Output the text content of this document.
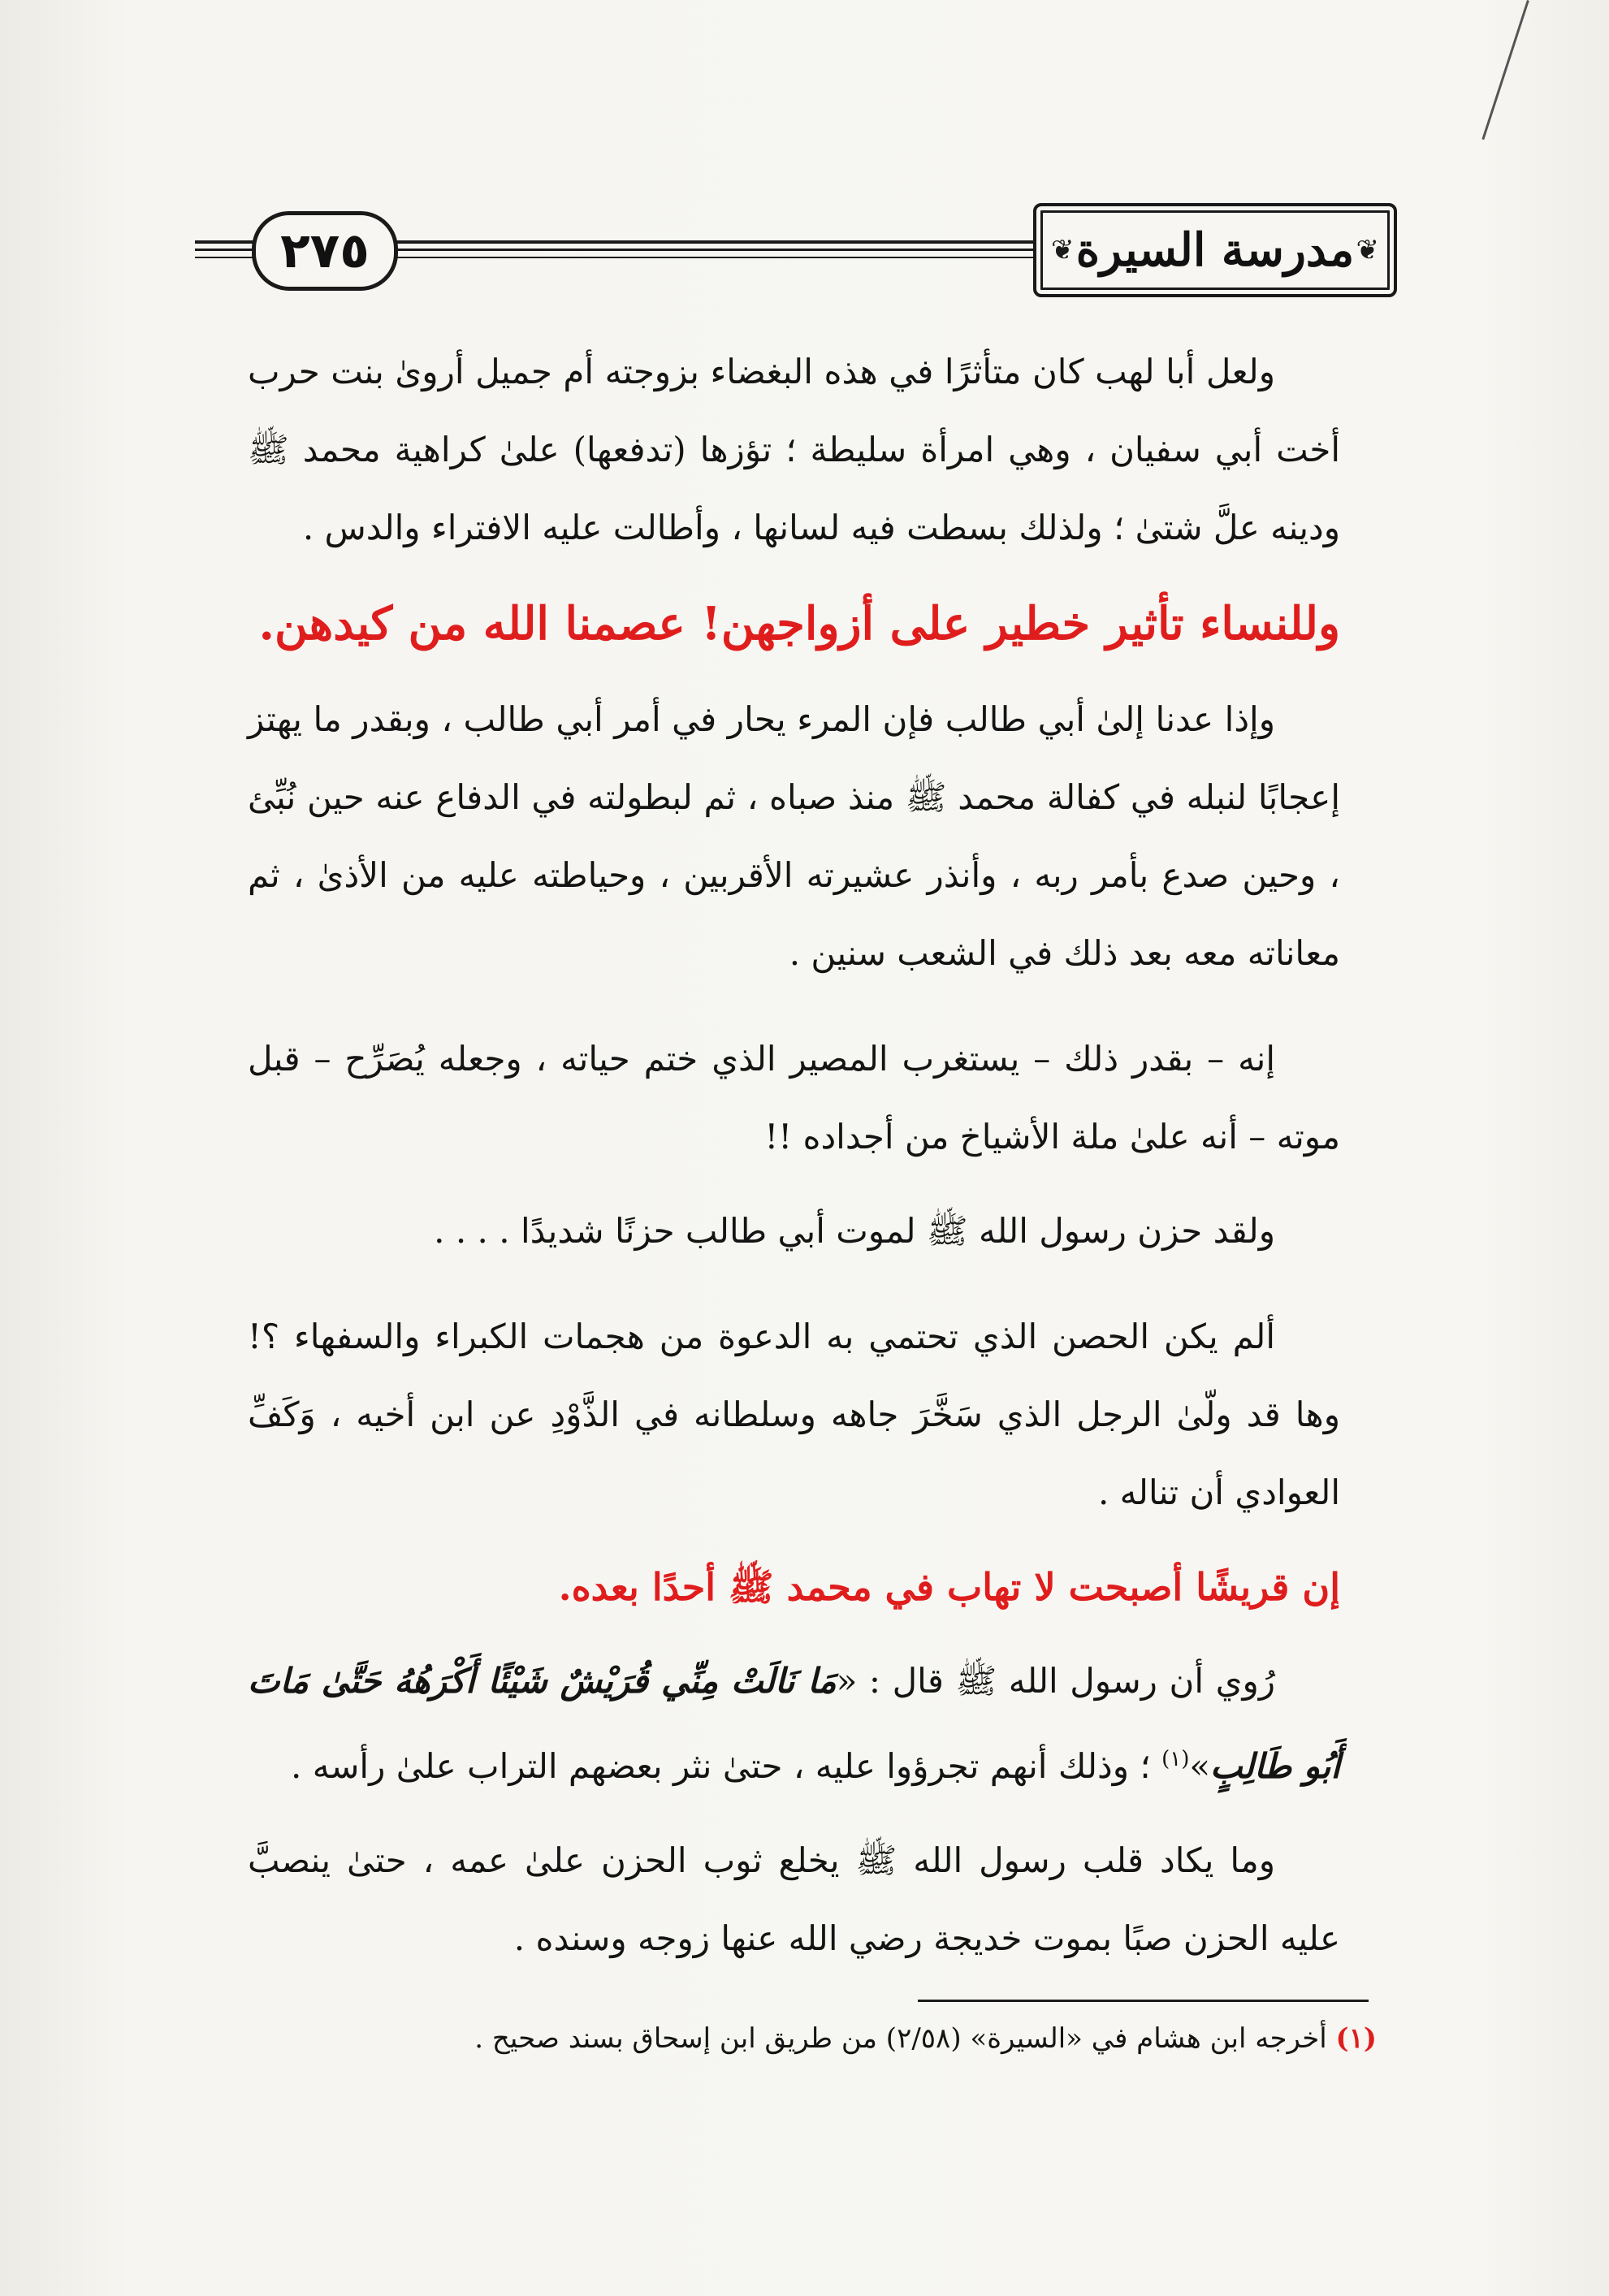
❦ مدرسة السيرة ❦
٢٧٥

ولعل أبا لهب كان متأثرًا في هذه البغضاء بزوجته أم جميل أروىٰ بنت حرب أخت أبي سفيان ، وهي امرأة سليطة ؛ تؤزها (تدفعها) علىٰ كراهية محمد ﷺ ودينه علَّ شتىٰ ؛ ولذلك بسطت فيه لسانها ، وأطالت عليه الافتراء والدس .

وللنساء تأثير خطير على أزواجهن! عصمنا الله من كيدهن.

وإذا عدنا إلىٰ أبي طالب فإن المرء يحار في أمر أبي طالب ، وبقدر ما يهتز إعجابًا لنبله في كفالة محمد ﷺ منذ صباه ، ثم لبطولته في الدفاع عنه حين نُبِّئ ، وحين صدع بأمر ربه ، وأنذر عشيرته الأقربين ، وحياطته عليه من الأذىٰ ، ثم معاناته معه بعد ذلك في الشعب سنين .

إنه – بقدر ذلك – يستغرب المصير الذي ختم حياته ، وجعله يُصَرِّح – قبل موته – أنه علىٰ ملة الأشياخ من أجداده !!

ولقد حزن رسول الله ﷺ لموت أبي طالب حزنًا شديدًا . . . .

ألم يكن الحصن الذي تحتمي به الدعوة من هجمات الكبراء والسفهاء ؟! وها قد ولّىٰ الرجل الذي سَخَّرَ جاهه وسلطانه في الذَّوْدِ عن ابن أخيه ، وَكَفِّ العوادي أن تناله .

إن قريشًا أصبحت لا تهاب في محمد ﷺ أحدًا بعده.

رُوي أن رسول الله ﷺ قال : «مَا نَالَتْ مِنِّي قُرَيْشٌ شَيْئًا أَكْرَهُهُ حَتَّىٰ مَاتَ أَبُو طَالِبٍ»$^{(١)}$ ؛ وذلك أنهم تجرؤوا عليه ، حتىٰ نثر بعضهم التراب علىٰ رأسه .

وما يكاد قلب رسول الله ﷺ يخلع ثوب الحزن علىٰ عمه ، حتىٰ ينصبَّ عليه الحزن صبًا بموت خديجة رضي الله عنها زوجه وسنده .

(١) أخرجه ابن هشام في «السيرة» (٢/٥٨) من طريق ابن إسحاق بسند صحيح .
